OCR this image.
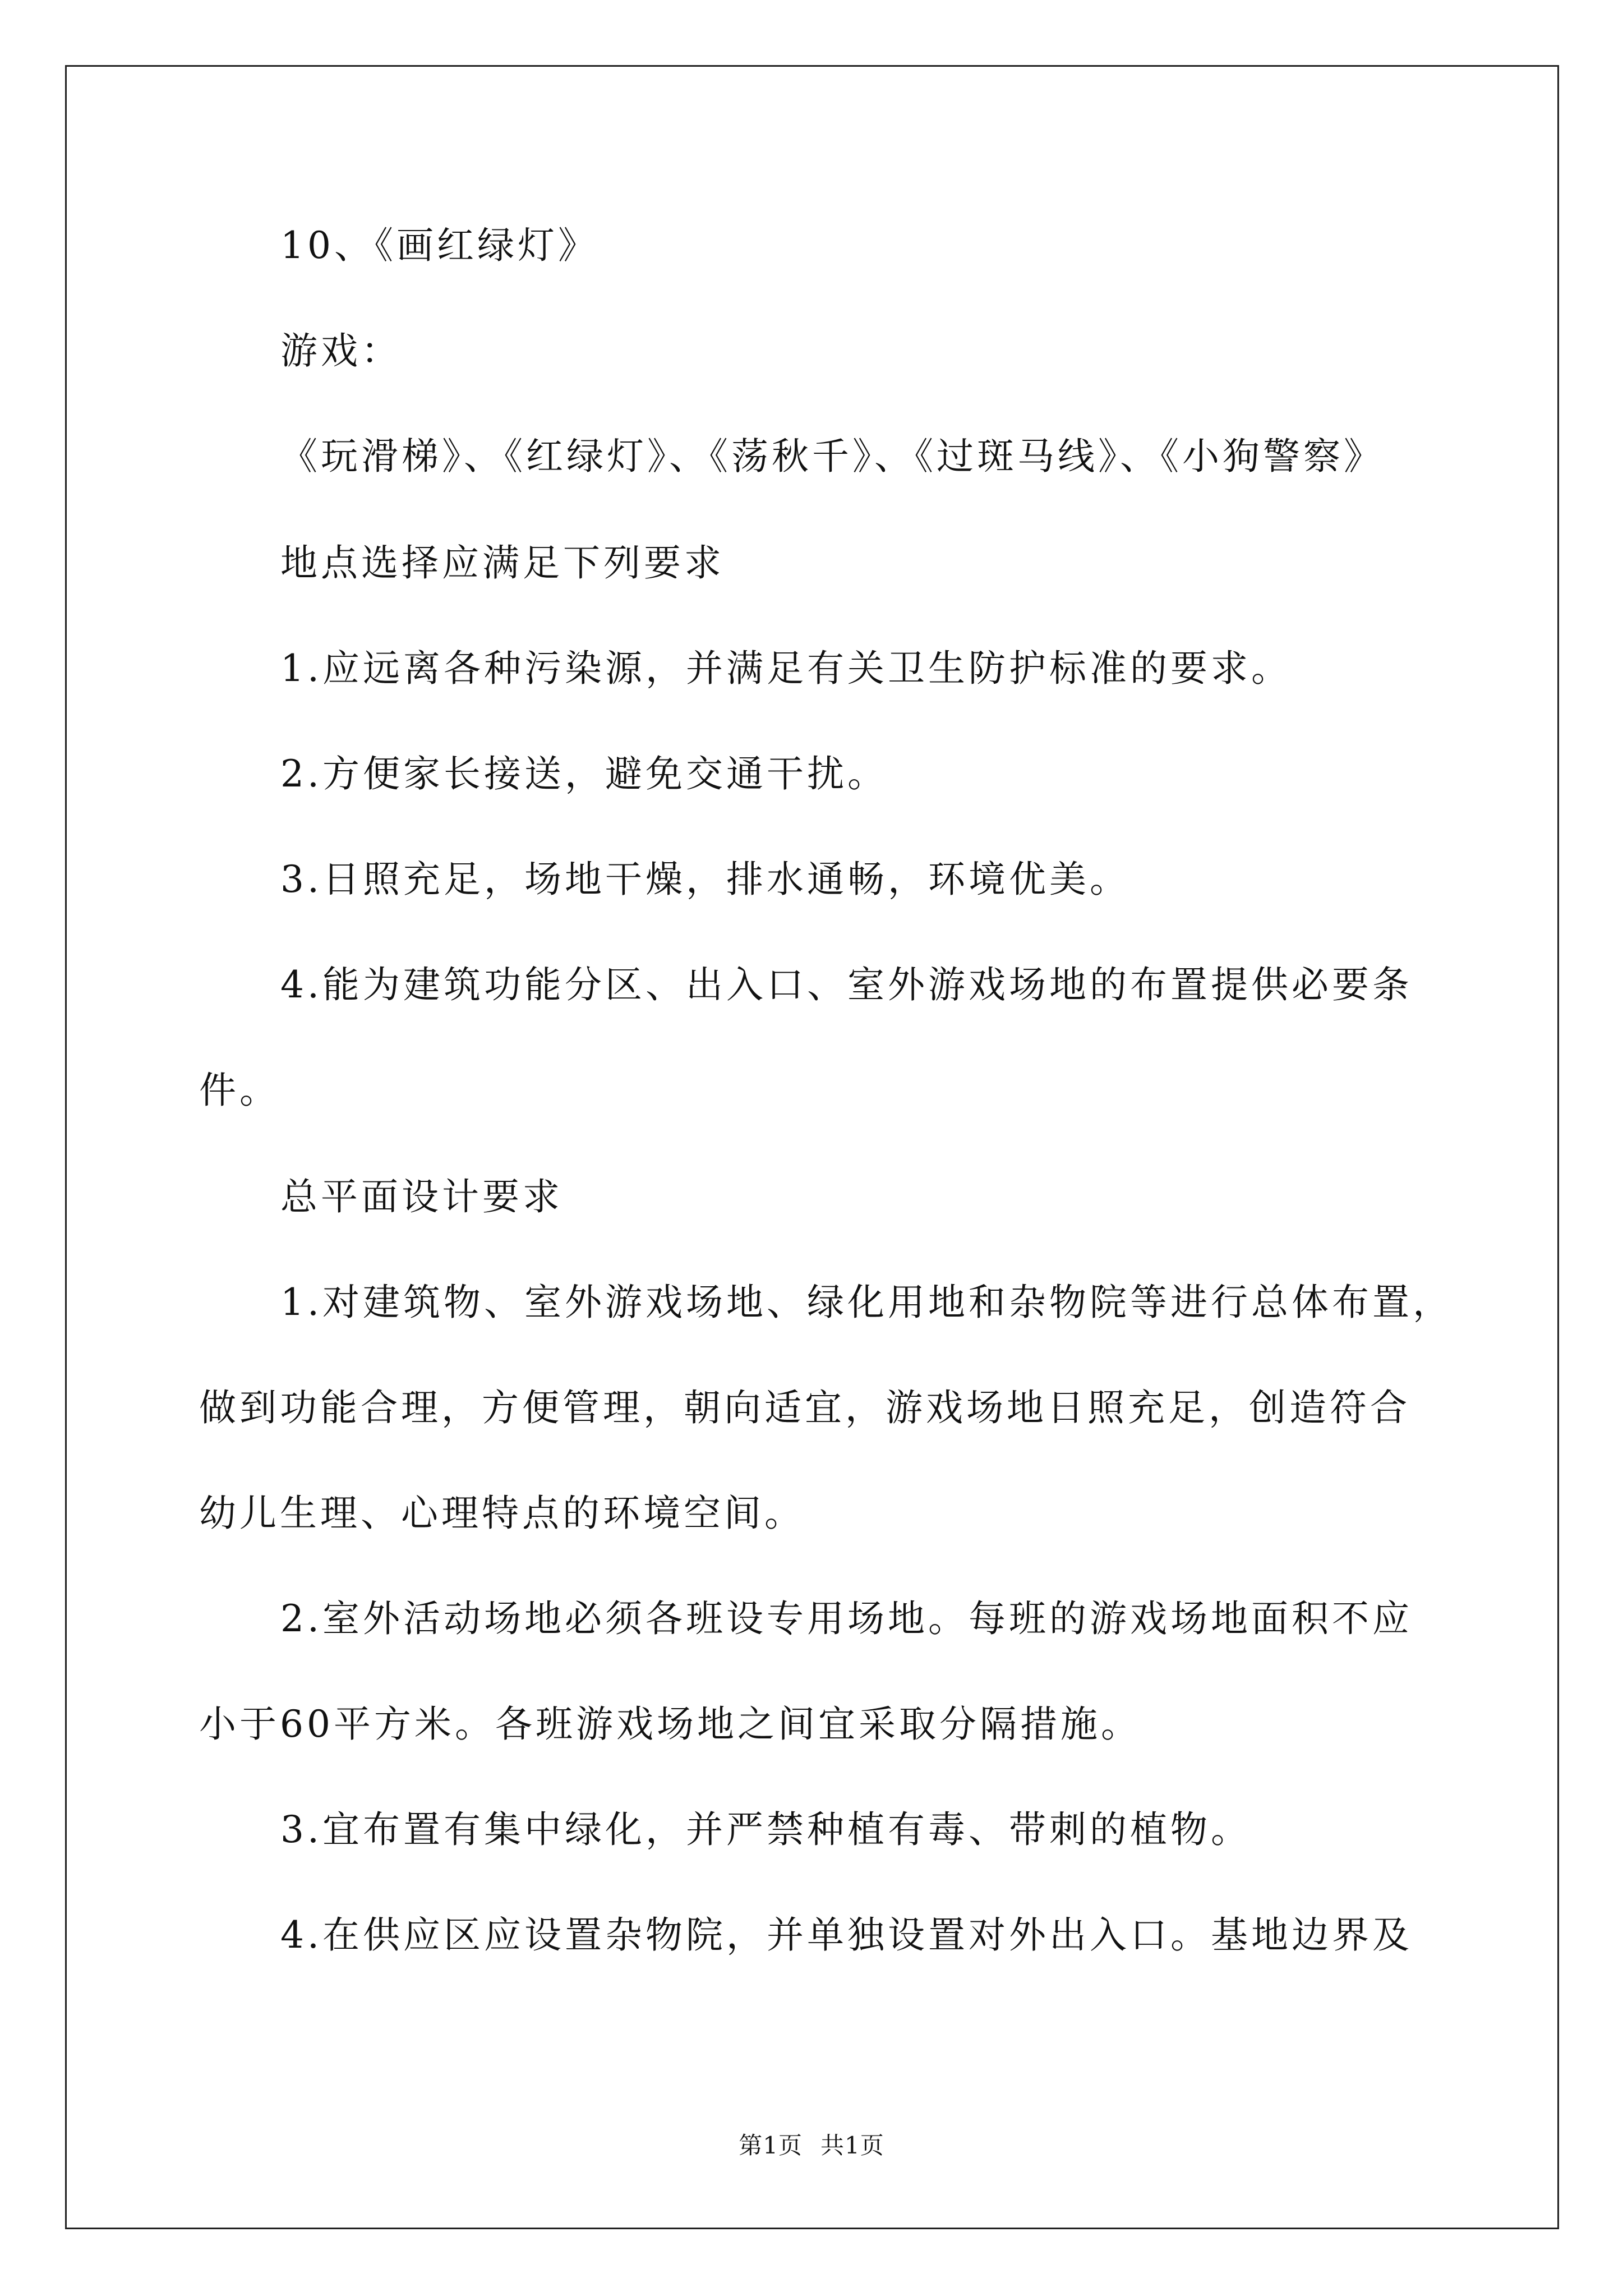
10、《画红绿灯》
游戏：
《玩滑梯》、《红绿灯》、《荡秋千》、《过斑马线》、《小狗警察》
地点选择应满足下列要求
1.应远离各种污染源，并满足有关卫生防护标准的要求。
2.方便家长接送，避免交通干扰。
3.日照充足，场地干燥，排水通畅，环境优美。
4.能为建筑功能分区、出入口、室外游戏场地的布置提供必要条
件。
总平面设计要求
1.对建筑物、室外游戏场地、绿化用地和杂物院等进行总体布置，
做到功能合理，方便管理，朝向适宜，游戏场地日照充足，创造符合
幼儿生理、心理特点的环境空间。
2.室外活动场地必须各班设专用场地。每班的游戏场地面积不应
小于60平方米。各班游戏场地之间宜采取分隔措施。
3.宜布置有集中绿化，并严禁种植有毒、带刺的植物。
4.在供应区应设置杂物院，并单独设置对外出入口。基地边界及
第1页 共1页
